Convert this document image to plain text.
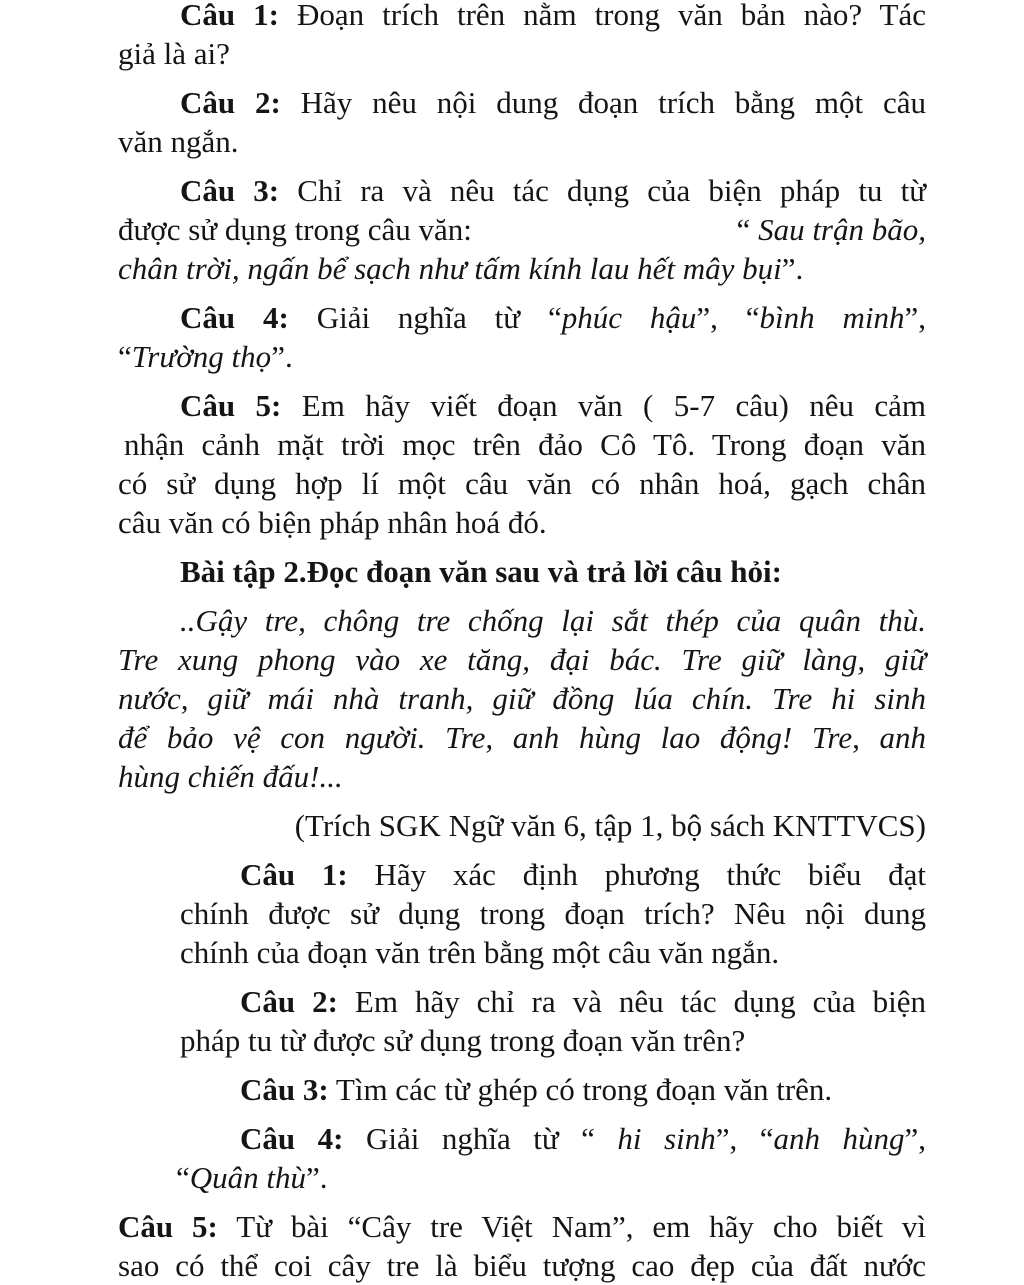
Câu 1: Đoạn trích trên nằm trong văn bản nào? Tác
giả là ai?
Câu 2: Hãy nêu nội dung đoạn trích bằng một câu
văn ngắn.
Câu 3: Chỉ ra và nêu tác dụng của biện pháp tu từ
được sử dụng trong câu văn:	“ Sau trận bão,
chân trời, ngấn bể sạch như tấm kính lau hết mây bụi”.
Câu 4: Giải nghĩa từ “phúc hậu”, “bình minh”,
“Trường thọ”.
Câu 5: Em hãy viết đoạn văn ( 5-7 câu) nêu cảm
nhận cảnh mặt trời mọc trên đảo Cô Tô. Trong đoạn văn
có sử dụng hợp lí một câu văn có nhân hoá, gạch chân
câu văn có biện pháp nhân hoá đó.
Bài tập 2.Đọc đoạn văn sau và trả lời câu hỏi:
..Gậy tre, chông tre chống lại sắt thép của quân thù.
Tre xung phong vào xe tăng, đại bác. Tre giữ làng, giữ
nước, giữ mái nhà tranh, giữ đồng lúa chín. Tre hi sinh
để bảo vệ con người. Tre, anh hùng lao động! Tre, anh
hùng chiến đấu!...
(Trích SGK Ngữ văn 6, tập 1, bộ sách KNTTVCS)
Câu 1: Hãy xác định phương thức biểu đạt
chính được sử dụng trong đoạn trích? Nêu nội dung
chính của đoạn văn trên bằng một câu văn ngắn.
Câu 2: Em hãy chỉ ra và nêu tác dụng của biện
pháp tu từ được sử dụng trong đoạn văn trên?
Câu 3: Tìm các từ ghép có trong đoạn văn trên.
Câu 4: Giải nghĩa từ “ hi sinh”, “anh hùng”,
“Quân thù”.
Câu 5: Từ bài “Cây tre Việt Nam”, em hãy cho biết vì
sao có thể coi cây tre là biểu tượng cao đẹp của đất nước
